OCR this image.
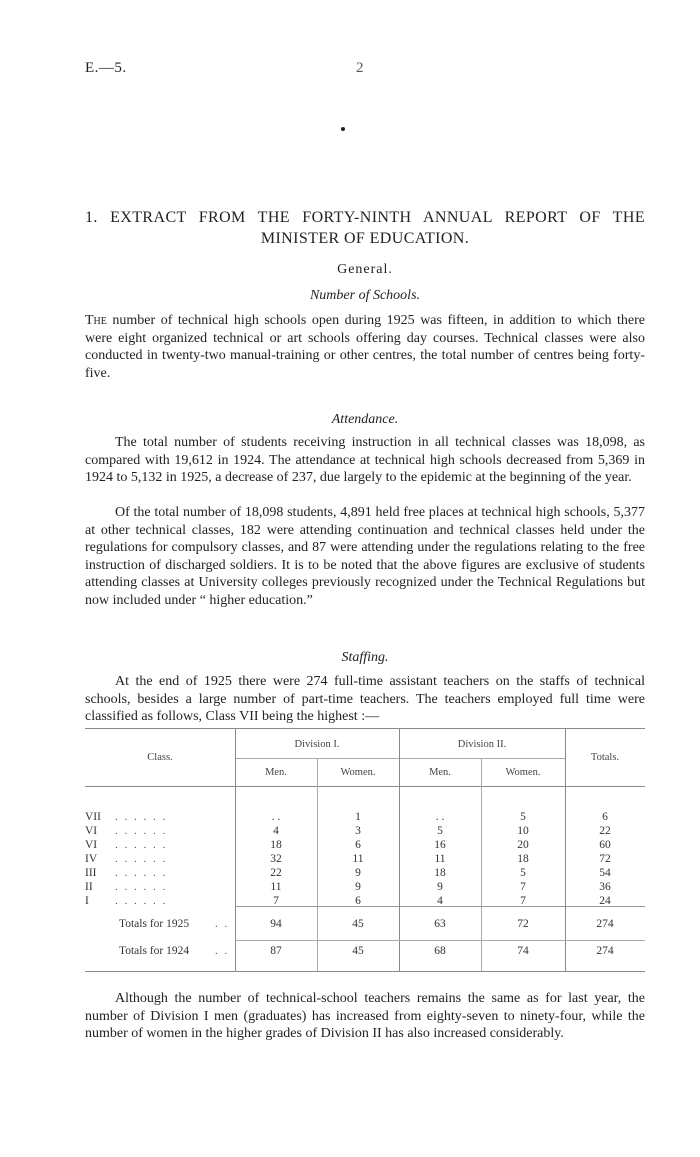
E.—5.	2
1. EXTRACT FROM THE FORTY-NINTH ANNUAL REPORT OF THE
MINISTER OF EDUCATION.
General.
Number of Schools.

The number of technical high schools open during 1925 was fifteen, in addition to which there were eight organized technical or art schools offering day courses. Technical classes were also conducted in twenty-two manual-training or other centres, the total number of centres being forty-five.

Attendance.

The total number of students receiving instruction in all technical classes was 18,098, as compared with 19,612 in 1924. The attendance at technical high schools decreased from 5,369 in 1924 to 5,132 in 1925, a decrease of 237, due largely to the epidemic at the beginning of the year.

Of the total number of 18,098 students, 4,891 held free places at technical high schools, 5,377 at other technical classes, 182 were attending continuation and technical classes held under the regulations for compulsory classes, and 87 were attending under the regulations relating to the free instruction of discharged soldiers. It is to be noted that the above figures are exclusive of students attending classes at University colleges previously recognized under the Technical Regulations but now included under “ higher education.”

Staffing.

At the end of 1925 there were 274 full-time assistant teachers on the staffs of technical schools, besides a large number of part-time teachers. The teachers employed full time were classified as follows, Class VII being the highest :—

Class.
Division I.	Division II.
Totals.
Men.	Women.	Men.	Women.
VII . . . . . .	. .	1	. .	5	6
VI . . . . . .	4	3	5	10	22
VI . . . . . .	18	6	16	20	60
IV . . . . . .	32	11	11	18	72
III . . . . . .	22	9	18	5	54
II . . . . . .	11	9	9	7	36
I . . . . . .	7	6	4	7	24
Totals for 1925 . .	94	45	63	72	274
Totals for 1924 . .	87	45	68	74	274

Although the number of technical-school teachers remains the same as for last year, the number of Division I men (graduates) has increased from eighty-seven to ninety-four, while the number of women in the higher grades of Division II has also increased considerably.
